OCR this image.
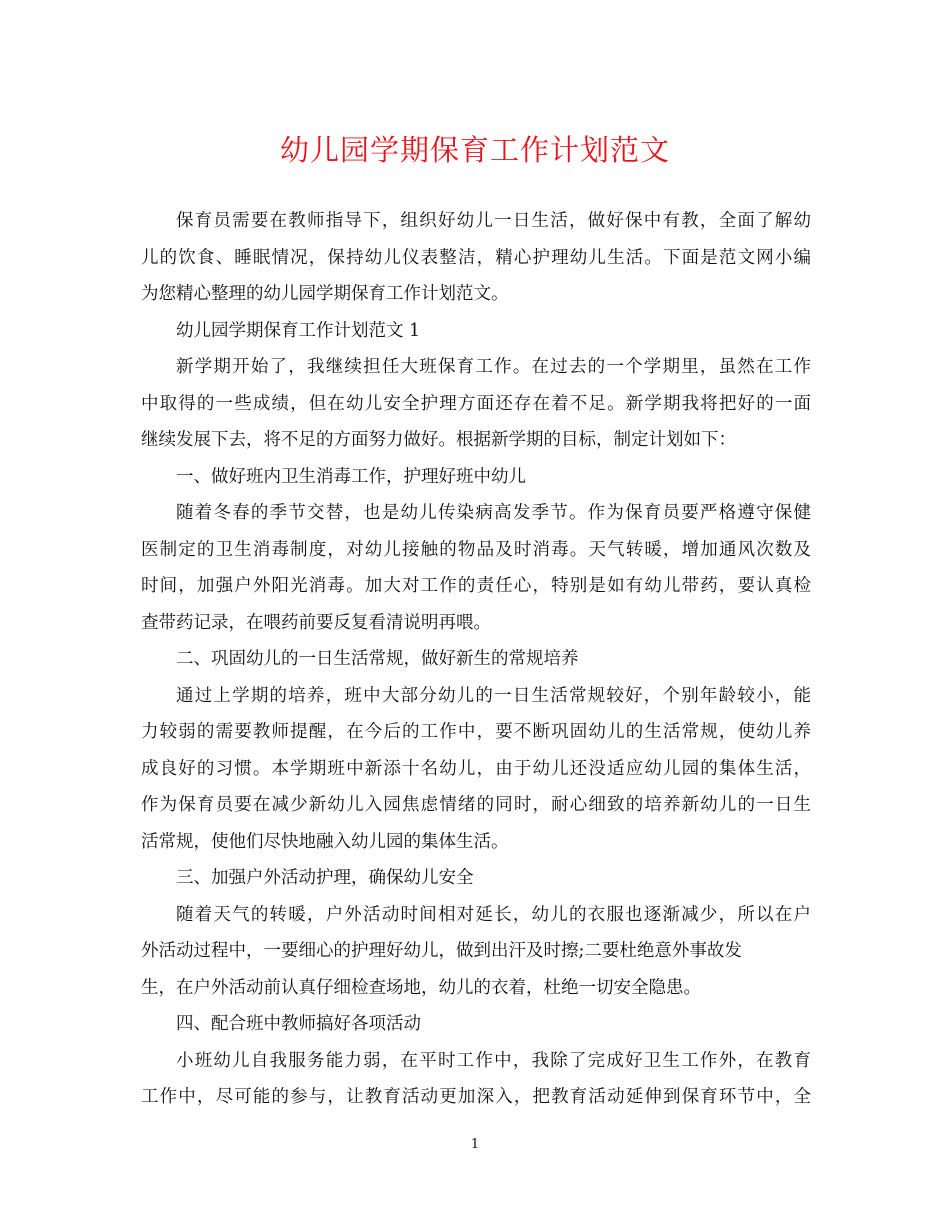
幼儿园学期保育工作计划范文
保育员需要在教师指导下，组织好幼儿一日生活，做好保中有教，全面了解幼
儿的饮食、睡眠情况，保持幼儿仪表整洁，精心护理幼儿生活。下面是范文网小编
为您精心整理的幼儿园学期保育工作计划范文。
幼儿园学期保育工作计划范文 1
新学期开始了，我继续担任大班保育工作。在过去的一个学期里，虽然在工作
中取得的一些成绩，但在幼儿安全护理方面还存在着不足。新学期我将把好的一面
继续发展下去，将不足的方面努力做好。根据新学期的目标，制定计划如下：
一、做好班内卫生消毒工作，护理好班中幼儿
随着冬春的季节交替，也是幼儿传染病高发季节。作为保育员要严格遵守保健
医制定的卫生消毒制度，对幼儿接触的物品及时消毒。天气转暖，增加通风次数及
时间，加强户外阳光消毒。加大对工作的责任心，特别是如有幼儿带药，要认真检
查带药记录，在喂药前要反复看清说明再喂。
二、巩固幼儿的一日生活常规，做好新生的常规培养
通过上学期的培养，班中大部分幼儿的一日生活常规较好，个别年龄较小，能
力较弱的需要教师提醒，在今后的工作中，要不断巩固幼儿的生活常规，使幼儿养
成良好的习惯。本学期班中新添十名幼儿，由于幼儿还没适应幼儿园的集体生活，
作为保育员要在减少新幼儿入园焦虑情绪的同时，耐心细致的培养新幼儿的一日生
活常规，使他们尽快地融入幼儿园的集体生活。
三、加强户外活动护理，确保幼儿安全
随着天气的转暖，户外活动时间相对延长，幼儿的衣服也逐渐减少，所以在户
外活动过程中，一要细心的护理好幼儿，做到出汗及时擦;二要杜绝意外事故发
生，在户外活动前认真仔细检查场地，幼儿的衣着，杜绝一切安全隐患。
四、配合班中教师搞好各项活动
小班幼儿自我服务能力弱，在平时工作中，我除了完成好卫生工作外，在教育
工作中，尽可能的参与，让教育活动更加深入，把教育活动延伸到保育环节中，全
1
